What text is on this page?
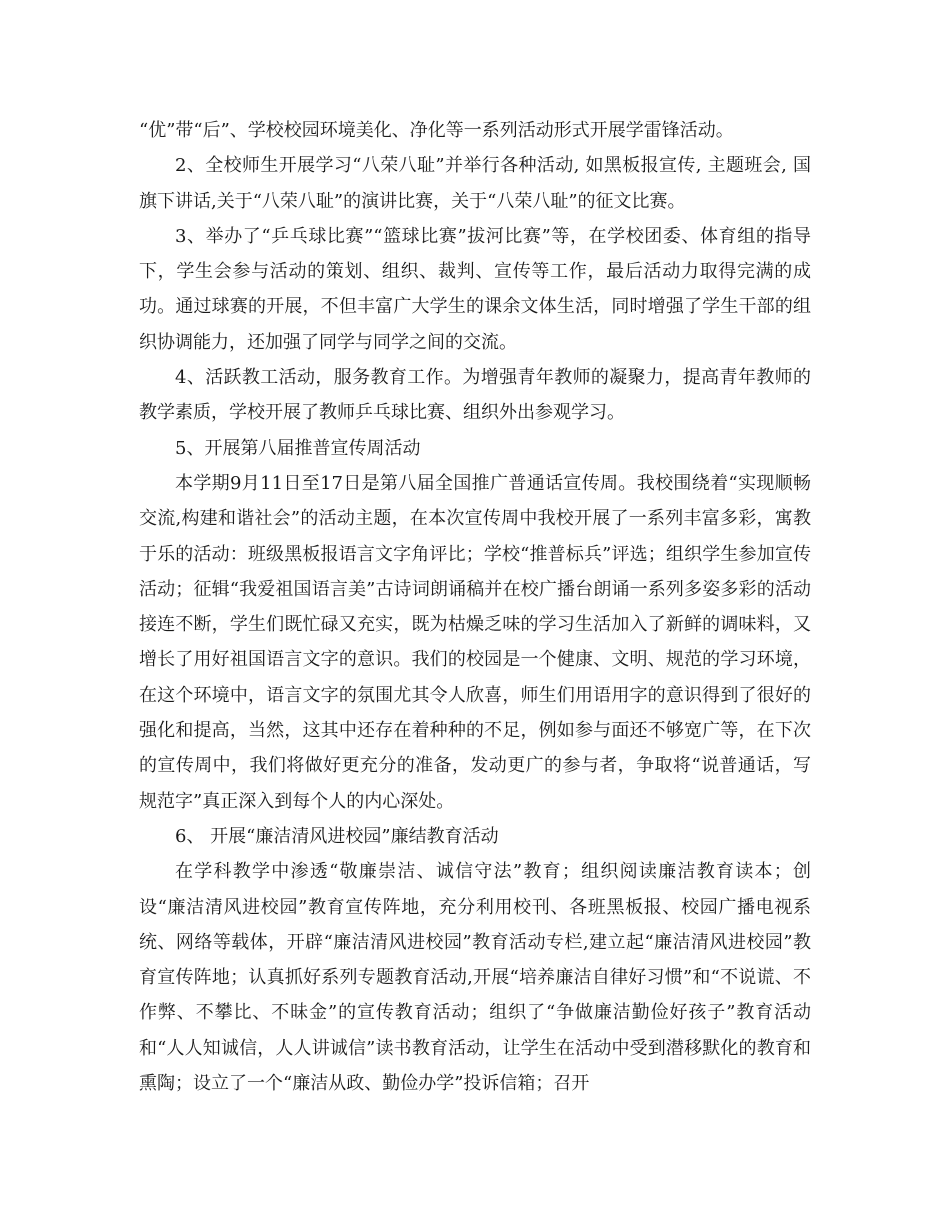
“优”带“后”、学校校园环境美化、净化等一系列活动形式开展学雷锋活动。

2、全校师生开展学习“八荣八耻”并举行各种活动, 如黑板报宣传, 主题班会, 国旗下讲话,关于“八荣八耻”的演讲比赛，关于“八荣八耻”的征文比赛。

3、举办了“乒乓球比赛”“篮球比赛”拔河比赛”等，在学校团委、体育组的指导下，学生会参与活动的策划、组织、裁判、宣传等工作，最后活动力取得完满的成功。通过球赛的开展，不但丰富广大学生的课余文体生活，同时增强了学生干部的组织协调能力，还加强了同学与同学之间的交流。

4、活跃教工活动，服务教育工作。为增强青年教师的凝聚力，提高青年教师的教学素质，学校开展了教师乒乓球比赛、组织外出参观学习。

5、开展第八届推普宣传周活动

本学期9月11日至17日是第八届全国推广普通话宣传周。我校围绕着“实现顺畅交流,构建和谐社会”的活动主题，在本次宣传周中我校开展了一系列丰富多彩，寓教于乐的活动：班级黑板报语言文字角评比；学校“推普标兵”评选；组织学生参加宣传活动；征辑“我爱祖国语言美”古诗词朗诵稿并在校广播台朗诵一系列多姿多彩的活动接连不断，学生们既忙碌又充实，既为枯燥乏味的学习生活加入了新鲜的调味料，又增长了用好祖国语言文字的意识。我们的校园是一个健康、文明、规范的学习环境，在这个环境中，语言文字的氛围尤其令人欣喜，师生们用语用字的意识得到了很好的强化和提高，当然，这其中还存在着种种的不足，例如参与面还不够宽广等，在下次的宣传周中，我们将做好更充分的准备，发动更广的参与者，争取将“说普通话，写规范字”真正深入到每个人的内心深处。

6、 开展“廉洁清风进校园”廉结教育活动

在学科教学中渗透“敬廉崇洁、诚信守法”教育；组织阅读廉洁教育读本；创设“廉洁清风进校园”教育宣传阵地，充分利用校刊、各班黑板报、校园广播电视系统、网络等载体，开辟“廉洁清风进校园”教育活动专栏,建立起“廉洁清风进校园”教育宣传阵地；认真抓好系列专题教育活动,开展“培养廉洁自律好习惯”和“不说谎、不作弊、不攀比、不昧金”的宣传教育活动；组织了“争做廉洁勤俭好孩子”教育活动和“人人知诚信，人人讲诚信”读书教育活动，让学生在活动中受到潜移默化的教育和熏陶；设立了一个“廉洁从政、勤俭办学”投诉信箱；召开
